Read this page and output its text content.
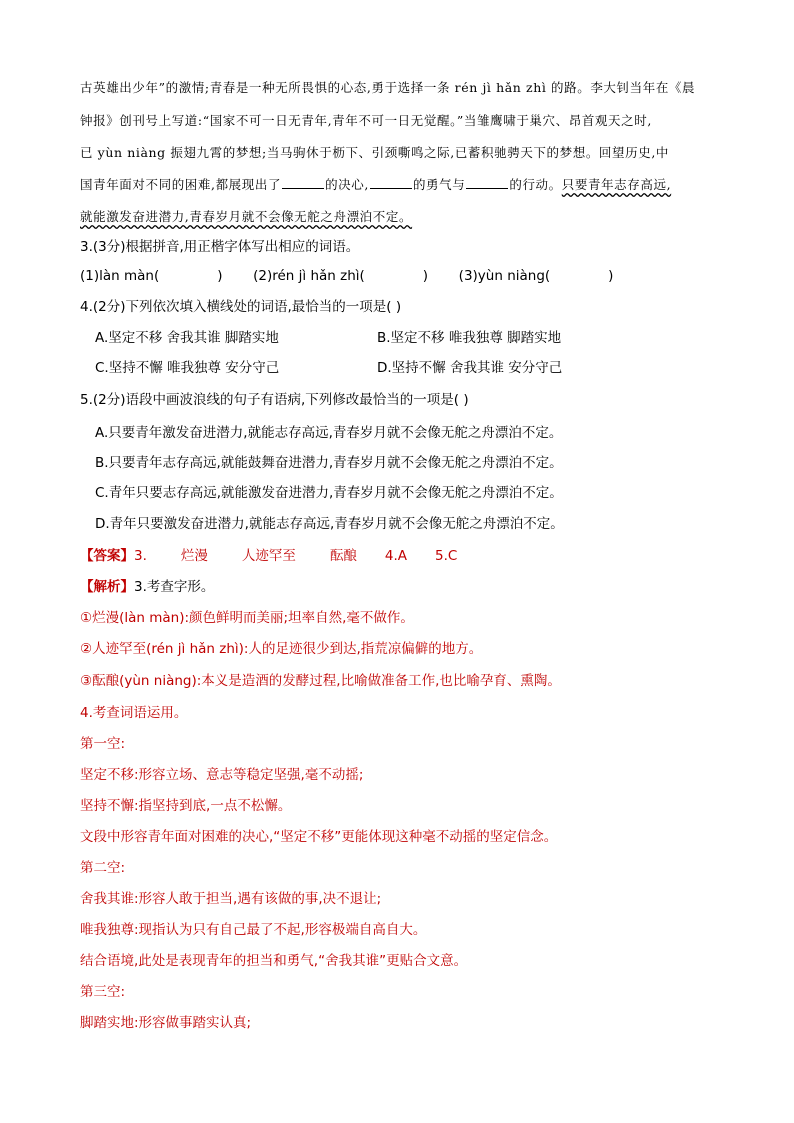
古英雄出少年”的激情;青春是一种无所畏惧的心态,勇于选择一条 rén jì hǎn zhì 的路。李大钊当年在《晨
钟报》创刊号上写道:“国家不可一日无青年,青年不可一日无觉醒。”当雏鹰啸于巢穴、昂首观天之时,
已 yùn niàng 振翅九霄的梦想;当马驹休于枥下、引颈嘶鸣之际,已蓄积驰骋天下的梦想。回望历史,中
国青年面对不同的困难,都展现出了	的决心,	的勇气与	的行动。只要青年志存高远,
就能激发奋进潜力,青春岁月就不会像无舵之舟漂泊不定。
3.(3分)根据拼音,用正楷字体写出相应的词语。
(1)làn màn(	) (2)rén jì hǎn zhì(	) (3)yùn niàng(	)
4.(2分)下列依次填入横线处的词语,最恰当的一项是( )
A.坚定不移 舍我其谁 脚踏实地	B.坚定不移 唯我独尊 脚踏实地
C.坚持不懈 唯我独尊 安分守己	D.坚持不懈 舍我其谁 安分守己
5.(2分)语段中画波浪线的句子有语病,下列修改最恰当的一项是( )
A.只要青年激发奋进潜力,就能志存高远,青春岁月就不会像无舵之舟漂泊不定。
B.只要青年志存高远,就能鼓舞奋进潜力,青春岁月就不会像无舵之舟漂泊不定。
C.青年只要志存高远,就能激发奋进潜力,青春岁月就不会像无舵之舟漂泊不定。
D.青年只要激发奋进潜力,就能志存高远,青春岁月就不会像无舵之舟漂泊不定。
【答案】3.	烂漫	人迹罕至	酝酿 4.A 5.C
【解析】3.考查字形。
①烂漫(làn màn):颜色鲜明而美丽;坦率自然,毫不做作。
②人迹罕至(rén jì hǎn zhì):人的足迹很少到达,指荒凉偏僻的地方。
③酝酿(yùn niàng):本义是造酒的发酵过程,比喻做准备工作,也比喻孕育、熏陶。
4.考查词语运用。
第一空:
坚定不移:形容立场、意志等稳定坚强,毫不动摇;
坚持不懈:指坚持到底,一点不松懈。
文段中形容青年面对困难的决心,“坚定不移”更能体现这种毫不动摇的坚定信念。
第二空:
舍我其谁:形容人敢于担当,遇有该做的事,决不退让;
唯我独尊:现指认为只有自己最了不起,形容极端自高自大。
结合语境,此处是表现青年的担当和勇气,“舍我其谁”更贴合文意。
第三空:
脚踏实地:形容做事踏实认真;
